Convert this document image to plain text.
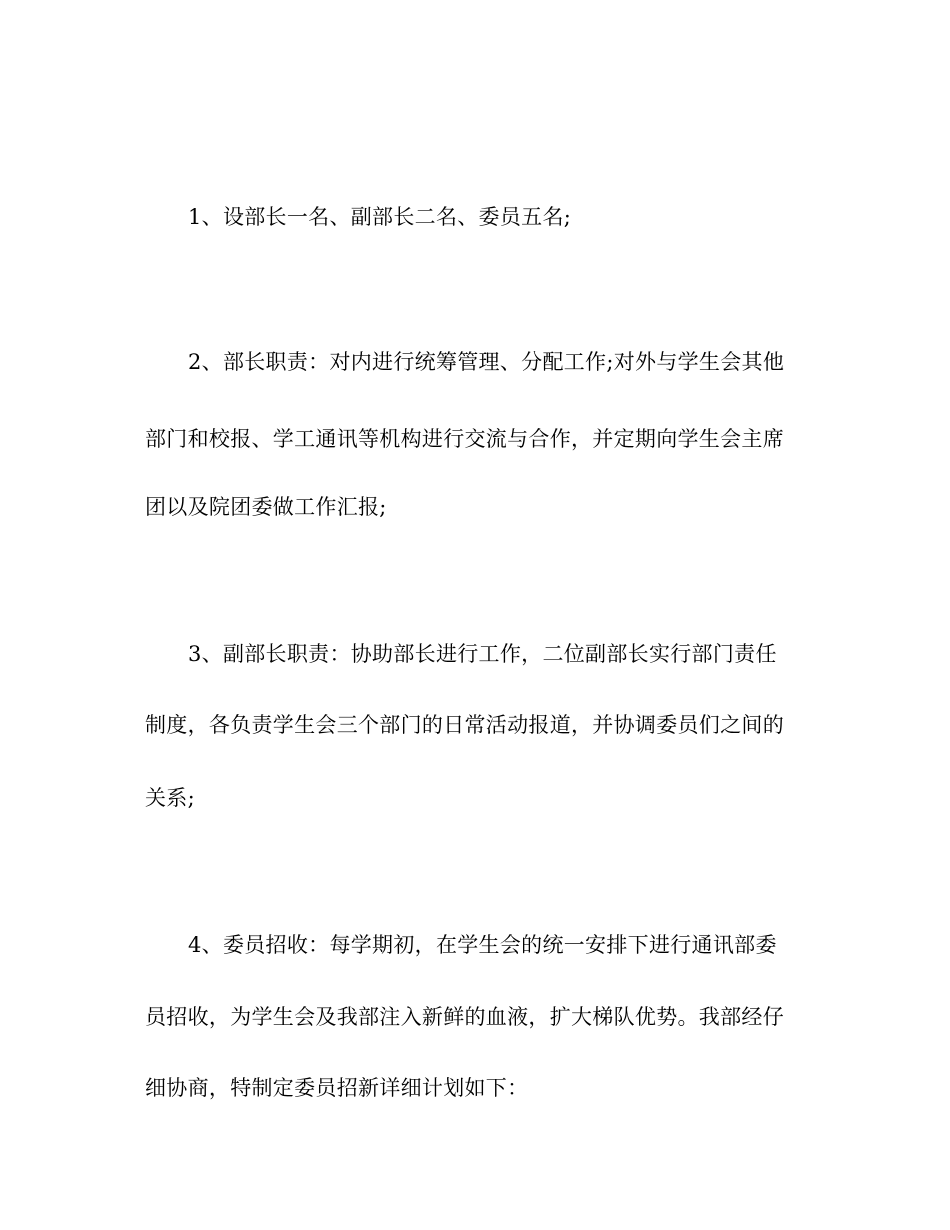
1、设部长一名、副部长二名、委员五名;
2、部长职责：对内进行统筹管理、分配工作;对外与学生会其他
部门和校报、学工通讯等机构进行交流与合作，并定期向学生会主席
团以及院团委做工作汇报;
3、副部长职责：协助部长进行工作，二位副部长实行部门责任
制度，各负责学生会三个部门的日常活动报道，并协调委员们之间的
关系;
4、委员招收：每学期初，在学生会的统一安排下进行通讯部委
员招收，为学生会及我部注入新鲜的血液，扩大梯队优势。我部经仔
细协商，特制定委员招新详细计划如下：
